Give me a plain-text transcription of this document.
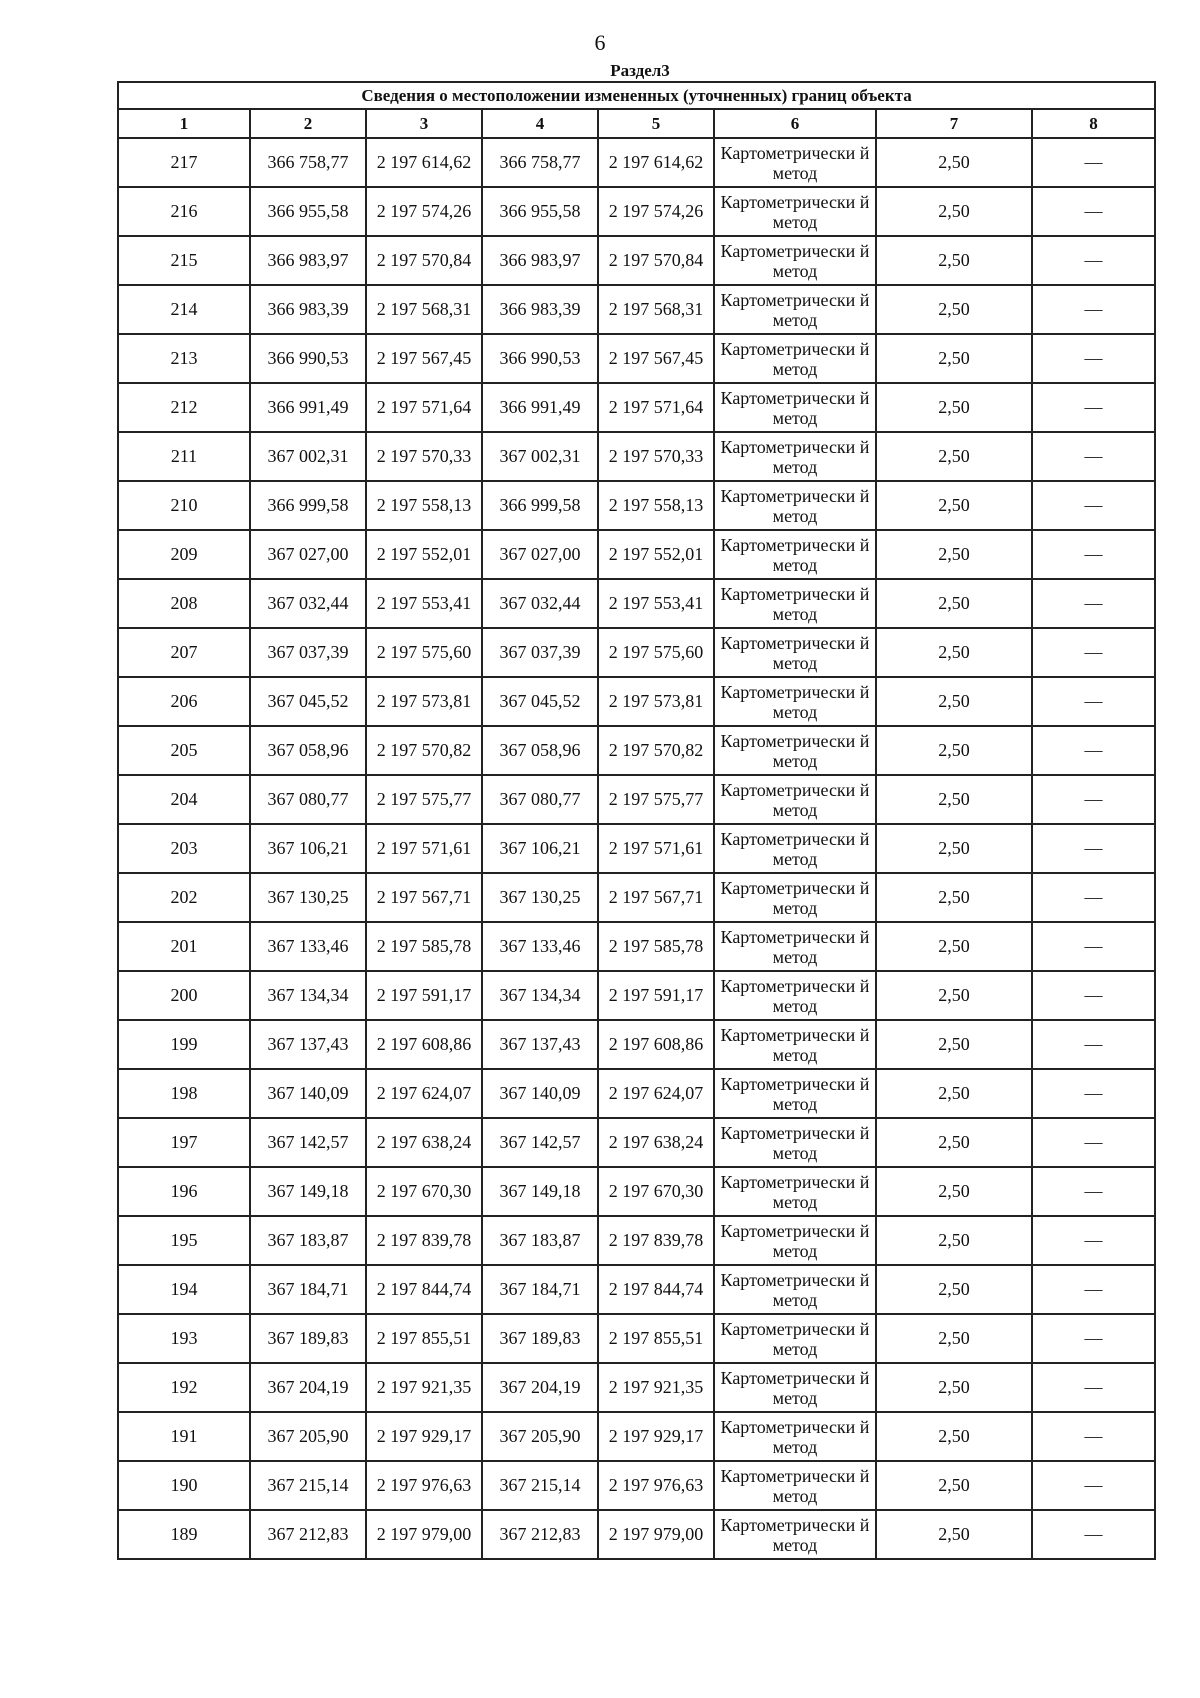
6
Раздел3
Сведения о местоположении измененных (уточненных) границ объекта							
1	2	3	4	5	6	7	8
217	366 758,77	2 197 614,62	366 758,77	2 197 614,62	Картометрически й метод	2,50	—
216	366 955,58	2 197 574,26	366 955,58	2 197 574,26	Картометрически й метод	2,50	—
215	366 983,97	2 197 570,84	366 983,97	2 197 570,84	Картометрически й метод	2,50	—
214	366 983,39	2 197 568,31	366 983,39	2 197 568,31	Картометрически й метод	2,50	—
213	366 990,53	2 197 567,45	366 990,53	2 197 567,45	Картометрически й метод	2,50	—
212	366 991,49	2 197 571,64	366 991,49	2 197 571,64	Картометрически й метод	2,50	—
211	367 002,31	2 197 570,33	367 002,31	2 197 570,33	Картометрически й метод	2,50	—
210	366 999,58	2 197 558,13	366 999,58	2 197 558,13	Картометрически й метод	2,50	—
209	367 027,00	2 197 552,01	367 027,00	2 197 552,01	Картометрически й метод	2,50	—
208	367 032,44	2 197 553,41	367 032,44	2 197 553,41	Картометрически й метод	2,50	—
207	367 037,39	2 197 575,60	367 037,39	2 197 575,60	Картометрически й метод	2,50	—
206	367 045,52	2 197 573,81	367 045,52	2 197 573,81	Картометрически й метод	2,50	—
205	367 058,96	2 197 570,82	367 058,96	2 197 570,82	Картометрически й метод	2,50	—
204	367 080,77	2 197 575,77	367 080,77	2 197 575,77	Картометрически й метод	2,50	—
203	367 106,21	2 197 571,61	367 106,21	2 197 571,61	Картометрически й метод	2,50	—
202	367 130,25	2 197 567,71	367 130,25	2 197 567,71	Картометрически й метод	2,50	—
201	367 133,46	2 197 585,78	367 133,46	2 197 585,78	Картометрически й метод	2,50	—
200	367 134,34	2 197 591,17	367 134,34	2 197 591,17	Картометрически й метод	2,50	—
199	367 137,43	2 197 608,86	367 137,43	2 197 608,86	Картометрически й метод	2,50	—
198	367 140,09	2 197 624,07	367 140,09	2 197 624,07	Картометрически й метод	2,50	—
197	367 142,57	2 197 638,24	367 142,57	2 197 638,24	Картометрически й метод	2,50	—
196	367 149,18	2 197 670,30	367 149,18	2 197 670,30	Картометрически й метод	2,50	—
195	367 183,87	2 197 839,78	367 183,87	2 197 839,78	Картометрически й метод	2,50	—
194	367 184,71	2 197 844,74	367 184,71	2 197 844,74	Картометрически й метод	2,50	—
193	367 189,83	2 197 855,51	367 189,83	2 197 855,51	Картометрически й метод	2,50	—
192	367 204,19	2 197 921,35	367 204,19	2 197 921,35	Картометрически й метод	2,50	—
191	367 205,90	2 197 929,17	367 205,90	2 197 929,17	Картометрически й метод	2,50	—
190	367 215,14	2 197 976,63	367 215,14	2 197 976,63	Картометрически й метод	2,50	—
189	367 212,83	2 197 979,00	367 212,83	2 197 979,00	Картометрически й метод	2,50	—
